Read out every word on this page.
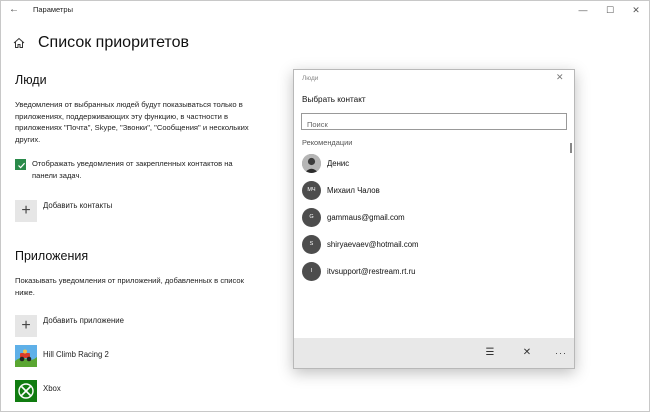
← Параметры	—	☐	✕
Список приоритетов
Люди
Уведомления от выбранных людей будут показываться только в приложениях, поддерживающих эту функцию, в частности в приложениях "Почта", Skype, "Звонки", "Сообщения" и нескольких других.
Отображать уведомления от закрепленных контактов на панели задач.
+	Добавить контакты
Приложения
Показывать уведомления от приложений, добавленных в список ниже.
+	Добавить приложение
Hill Climb Racing 2
Xbox
Люди	✕
Выбрать контакт
Поиск
Рекомендации
Денис
МЧ	Михаил Чалов
G	gammaus@gmail.com
S	shiryaevaev@hotmail.com
I	itvsupport@restream.rt.ru
☰	✕	···
